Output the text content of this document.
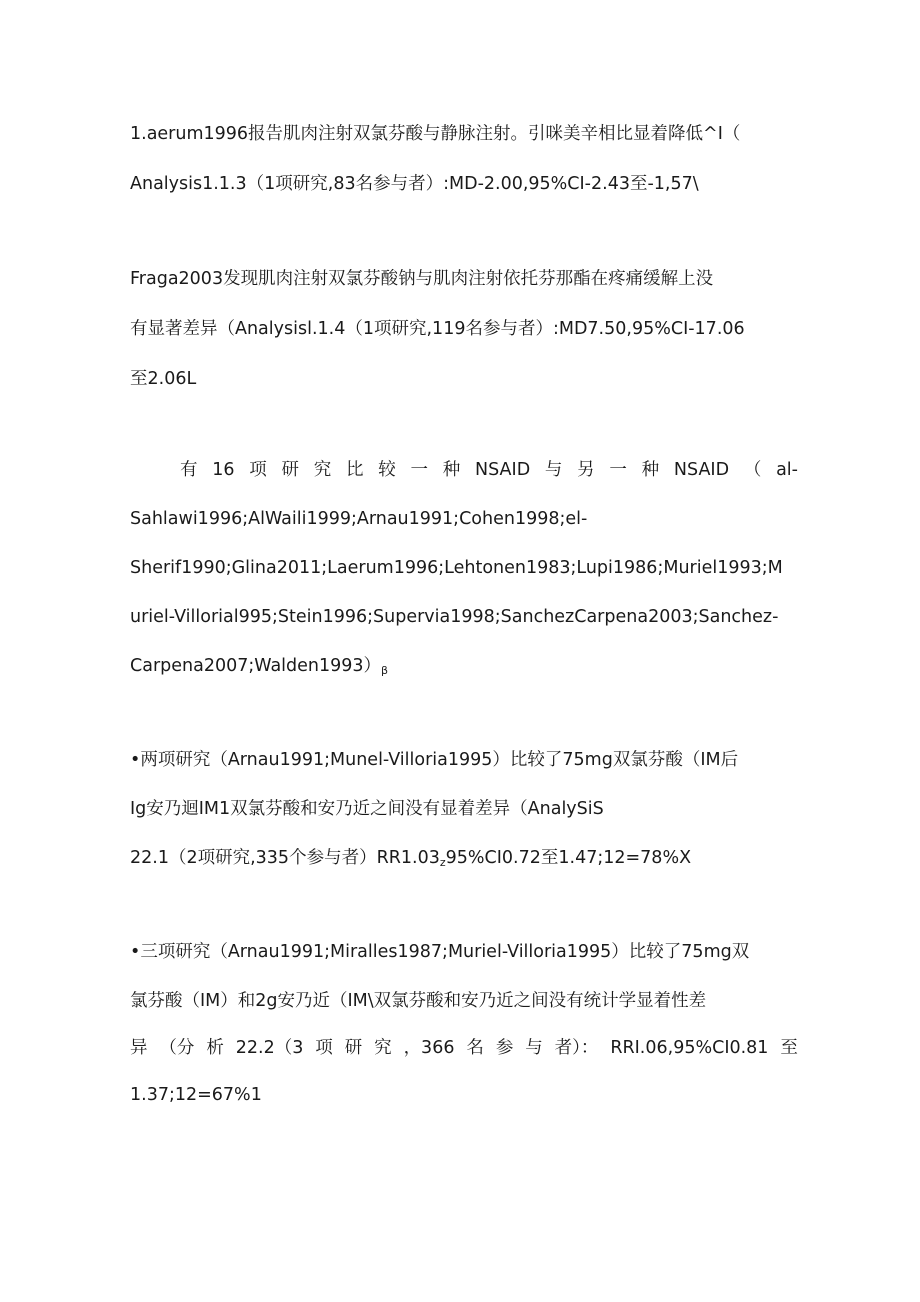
1.aerum1996报告肌肉注射双氯芬酸与静脉注射。引咪美辛相比显着降低^I（
Analysis1.1.3（1项研究,83名参与者）:MD-2.00,95%CI-2.43至-1,57\
Fraga2003发现肌肉注射双氯芬酸钠与肌肉注射依托芬那酯在疼痛缓解上没
有显著差异（Analysisl.1.4（1项研究,119名参与者）:MD7.50,95%CI-17.06
至2.06L
有 16 项 研 究 比 较 一 种 NSAID 与 另 一 种 NSAID （ al-
Sahlawi1996;AlWaili1999;Arnau1991;Cohen1998;el-
Sherif1990;Glina2011;Laerum1996;Lehtonen1983;Lupi1986;Muriel1993;M
uriel-Villorial995;Stein1996;Supervia1998;SanchezCarpena2003;Sanchez-
$Carpena2007;Walden1993)_\beta$
•两项研究（Arnau1991;Munel-Villoria1995）比较了75mg双氯芬酸（IM后
Ig安乃迴IM1双氯芬酸和安乃近之间没有显着差异（AnalySiS
22.1（2项研究,335个参与者）$RR1.03_z95\%CI0.72$至1.47;12=78%X
•三项研究（Arnau1991;Miralles1987;Muriel-Villoria1995）比较了75mg双
氯芬酸（IM）和2g安乃近（IM\双氯芬酸和安乃近之间没有统计学显着性差
异 （分 析 22.2（3 项 研 究 ，366 名 参 与 者）： RRI.06,95%CI0.81 至
1.37;12=67%1
